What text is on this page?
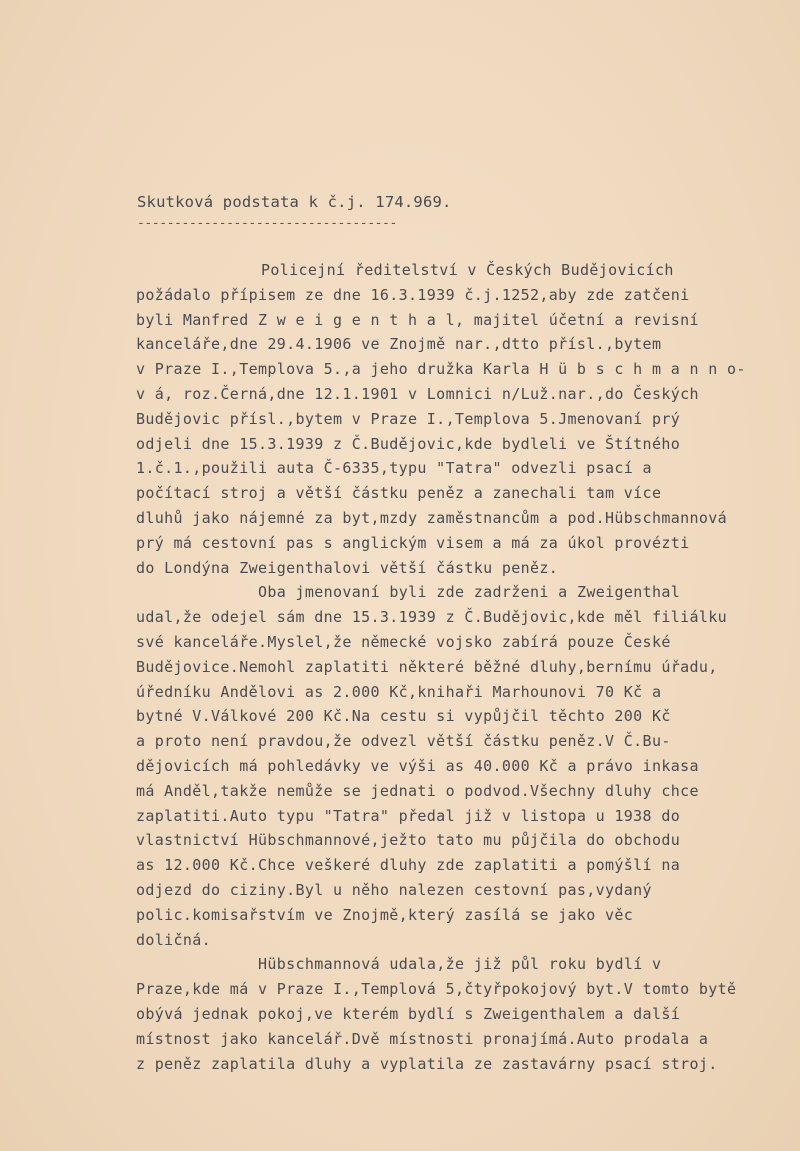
Skutková podstata k č.j. 174.969.
-----------------------------------
Policejní ředitelství v Českých Budějovicích
požádalo přípisem ze dne 16.3.1939 č.j.1252,aby zde zatčeni
byli Manfred Z w e i g e n t h a l, majitel účetní a revisní
kanceláře,dne 29.4.1906 ve Znojmě nar.,dtto přísl.,bytem
v Praze I.,Templova 5.,a jeho družka Karla H ü b s c h m a n n o-
v á, roz.Černá,dne 12.1.1901 v Lomnici n/Luž.nar.,do Českých
Budějovic přísl.,bytem v Praze I.,Templova 5.Jmenovaní prý
odjeli dne 15.3.1939 z Č.Budějovic,kde bydleli ve Štítného
1.č.1.,použili auta Č-6335,typu "Tatra" odvezli psací a
počítací stroj a větší částku peněz a zanechali tam více
dluhů jako nájemné za byt,mzdy zaměstnancům a pod.Hübschmannová
prý má cestovní pas s anglickým visem a má za úkol provézti
do Londýna Zweigenthalovi větší částku peněz.
Oba jmenovaní byli zde zadrženi a Zweigenthal
udal,že odejel sám dne 15.3.1939 z Č.Budějovic,kde měl filiálku
své kanceláře.Myslel,že německé vojsko zabírá pouze České
Budějovice.Nemohl zaplatiti některé běžné dluhy,bernímu úřadu,
úředníku Andělovi as 2.000 Kč,knihaři Marhounovi 70 Kč a
bytné V.Válkové 200 Kč.Na cestu si vypůjčil těchto 200 Kč
a proto není pravdou,že odvezl větší částku peněz.V Č.Bu-
dějovicích má pohledávky ve výši as 40.000 Kč a právo inkasa
má Anděl,takže nemůže se jednati o podvod.Všechny dluhy chce
zaplatiti.Auto typu "Tatra" předal již v listopa u 1938 do
vlastnictví Hübschmannové,ježto tato mu půjčila do obchodu
as 12.000 Kč.Chce veškeré dluhy zde zaplatiti a pomýšlí na
odjezd do ciziny.Byl u něho nalezen cestovní pas,vydaný
polic.komisařstvím ve Znojmě,který zasílá se jako věc
doličná.
Hübschmannová udala,že již půl roku bydlí v
Praze,kde má v Praze I.,Templová 5,čtyřpokojový byt.V tomto bytě
obývá jednak pokoj,ve kterém bydlí s Zweigenthalem a další
místnost jako kancelář.Dvě místnosti pronajímá.Auto prodala a
z peněz zaplatila dluhy a vyplatila ze zastavárny psací stroj.
